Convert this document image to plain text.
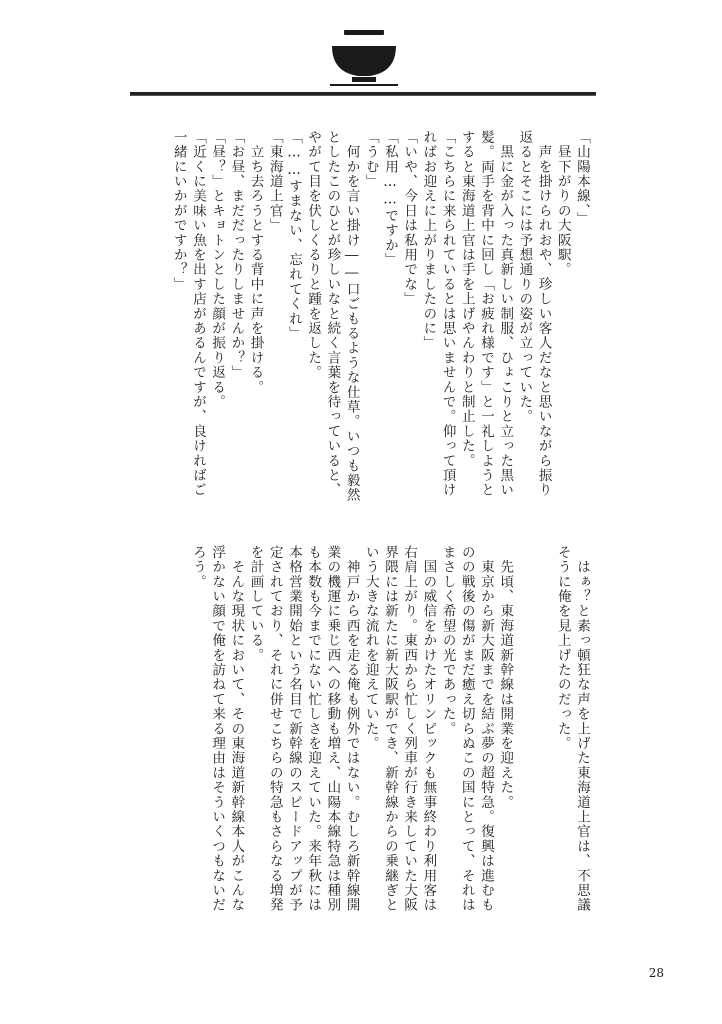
「山陽本線、」
　昼下がりの大阪駅。
　声を掛けられおや、珍しい客人だなと思いながら振り
返るとそこには予想通りの姿が立っていた。
　黒に金が入った真新しい制服、ひょこりと立った黒い
髪。両手を背中に回し「お疲れ様です」と一礼しようと
すると東海道上官は手を上げやんわりと制止した。
「こちらに来られているとは思いませんで。仰って頂け
ればお迎えに上がりましたのに」
「いや、今日は私用でな」
「私用……ですか」
「うむ」
　何かを言い掛け――口ごもるような仕草。いつも毅然
としたこのひとが珍しいなと続く言葉を待っていると、
やがて目を伏しくるりと踵を返した。
「……すまない、忘れてくれ」
「東海道上官」
　立ち去ろうとする背中に声を掛ける。
「お昼、まだだったりしませんか？」
「昼？」とキョトンとした顔が振り返る。
「近くに美味い魚を出す店があるんですが、良ければご
一緒にいかがですか？」
　はぁ？と素っ頓狂な声を上げた東海道上官は、不思議
そうに俺を見上げたのだった。

　先頃、東海道新幹線は開業を迎えた。
　東京から新大阪までを結ぶ夢の超特急。復興は進むも
のの戦後の傷がまだ癒え切らぬこの国にとって、それは
まさしく希望の光であった。
　国の威信をかけたオリンピックも無事終わり利用客は
右肩上がり。東西から忙しく列車が行き来していた大阪
界隈には新たに新大阪駅ができ、新幹線からの乗継ぎと
いう大きな流れを迎えていた。
　神戸から西を走る俺も例外ではない。むしろ新幹線開
業の機運に乗じ西への移動も増え、山陽本線特急は種別
も本数も今までにない忙しさを迎えていた。来年秋には
本格営業開始という名目で新幹線のスピードアップが予
定されており、それに併せこちらの特急もさらなる増発
を計画している。
　そんな現状において、その東海道新幹線本人がこんな
浮かない顔で俺を訪ねて来る理由はそういくつもないだ
ろう。
28
